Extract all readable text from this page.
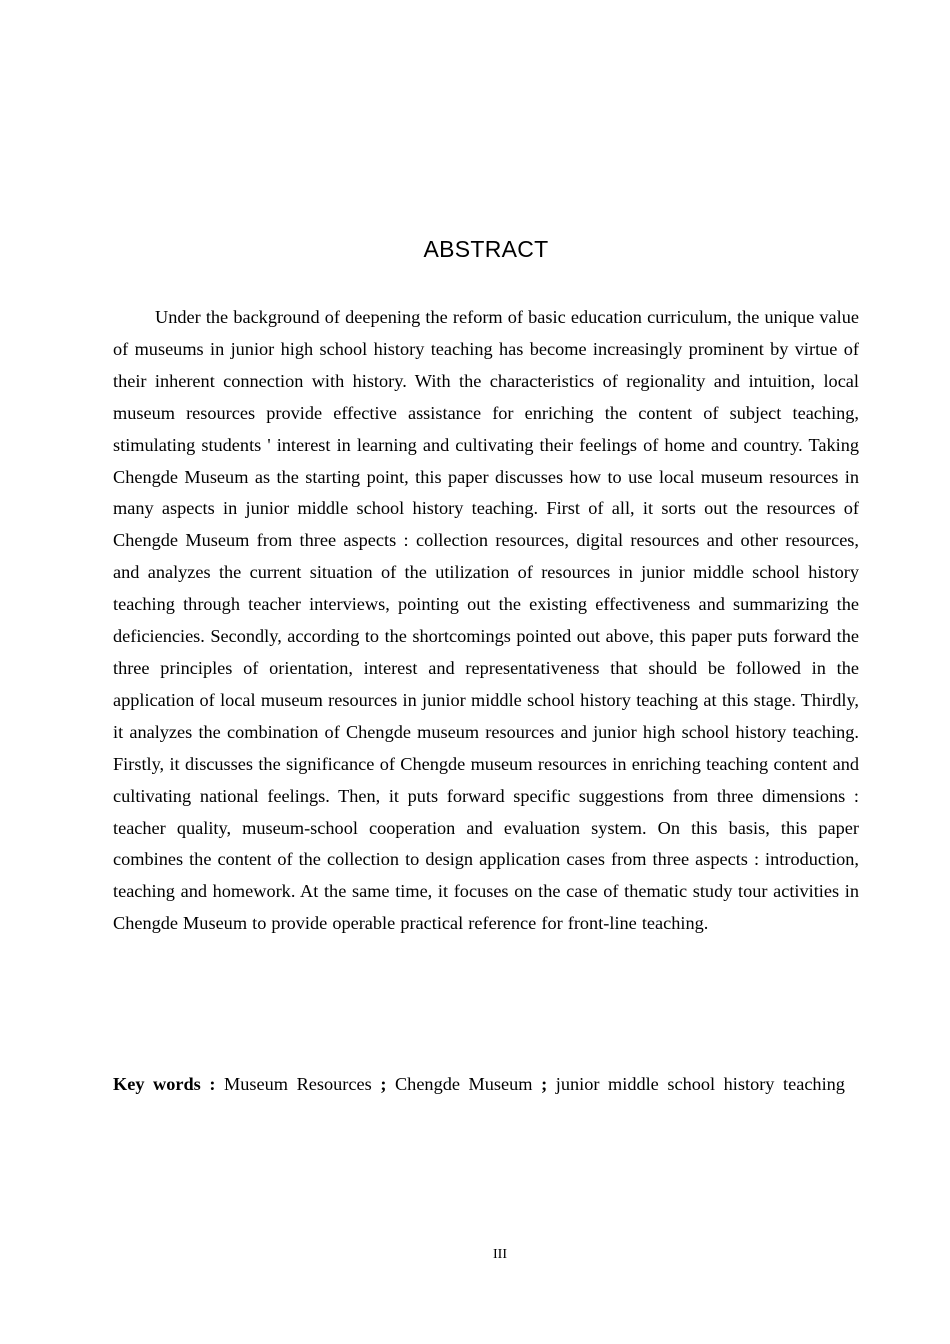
ABSTRACT

Under the background of deepening the reform of basic education curriculum, the unique value of museums in junior high school history teaching has become increasingly prominent by virtue of their inherent connection with history. With the characteristics of regionality and intuition, local museum resources provide effective assistance for enriching the content of subject teaching, stimulating students ' interest in learning and cultivating their feelings of home and country. Taking Chengde Museum as the starting point, this paper discusses how to use local museum resources in many aspects in junior middle school history teaching. First of all, it sorts out the resources of Chengde Museum from three aspects : collection resources, digital resources and other resources, and analyzes the current situation of the utilization of resources in junior middle school history teaching through teacher interviews, pointing out the existing effectiveness and summarizing the deficiencies. Secondly, according to the shortcomings pointed out above, this paper puts forward the three principles of orientation, interest and representativeness that should be followed in the application of local museum resources in junior middle school history teaching at this stage. Thirdly, it analyzes the combination of Chengde museum resources and junior high school history teaching. Firstly, it discusses the significance of Chengde museum resources in enriching teaching content and cultivating national feelings. Then, it puts forward specific suggestions from three dimensions : teacher quality, museum-school cooperation and evaluation system. On this basis, this paper combines the content of the collection to design application cases from three aspects : introduction, teaching and homework. At the same time, it focuses on the case of thematic study tour activities in Chengde Museum to provide operable practical reference for front-line teaching.

Key words : Museum Resources ; Chengde Museum ; junior middle school history teaching

III
